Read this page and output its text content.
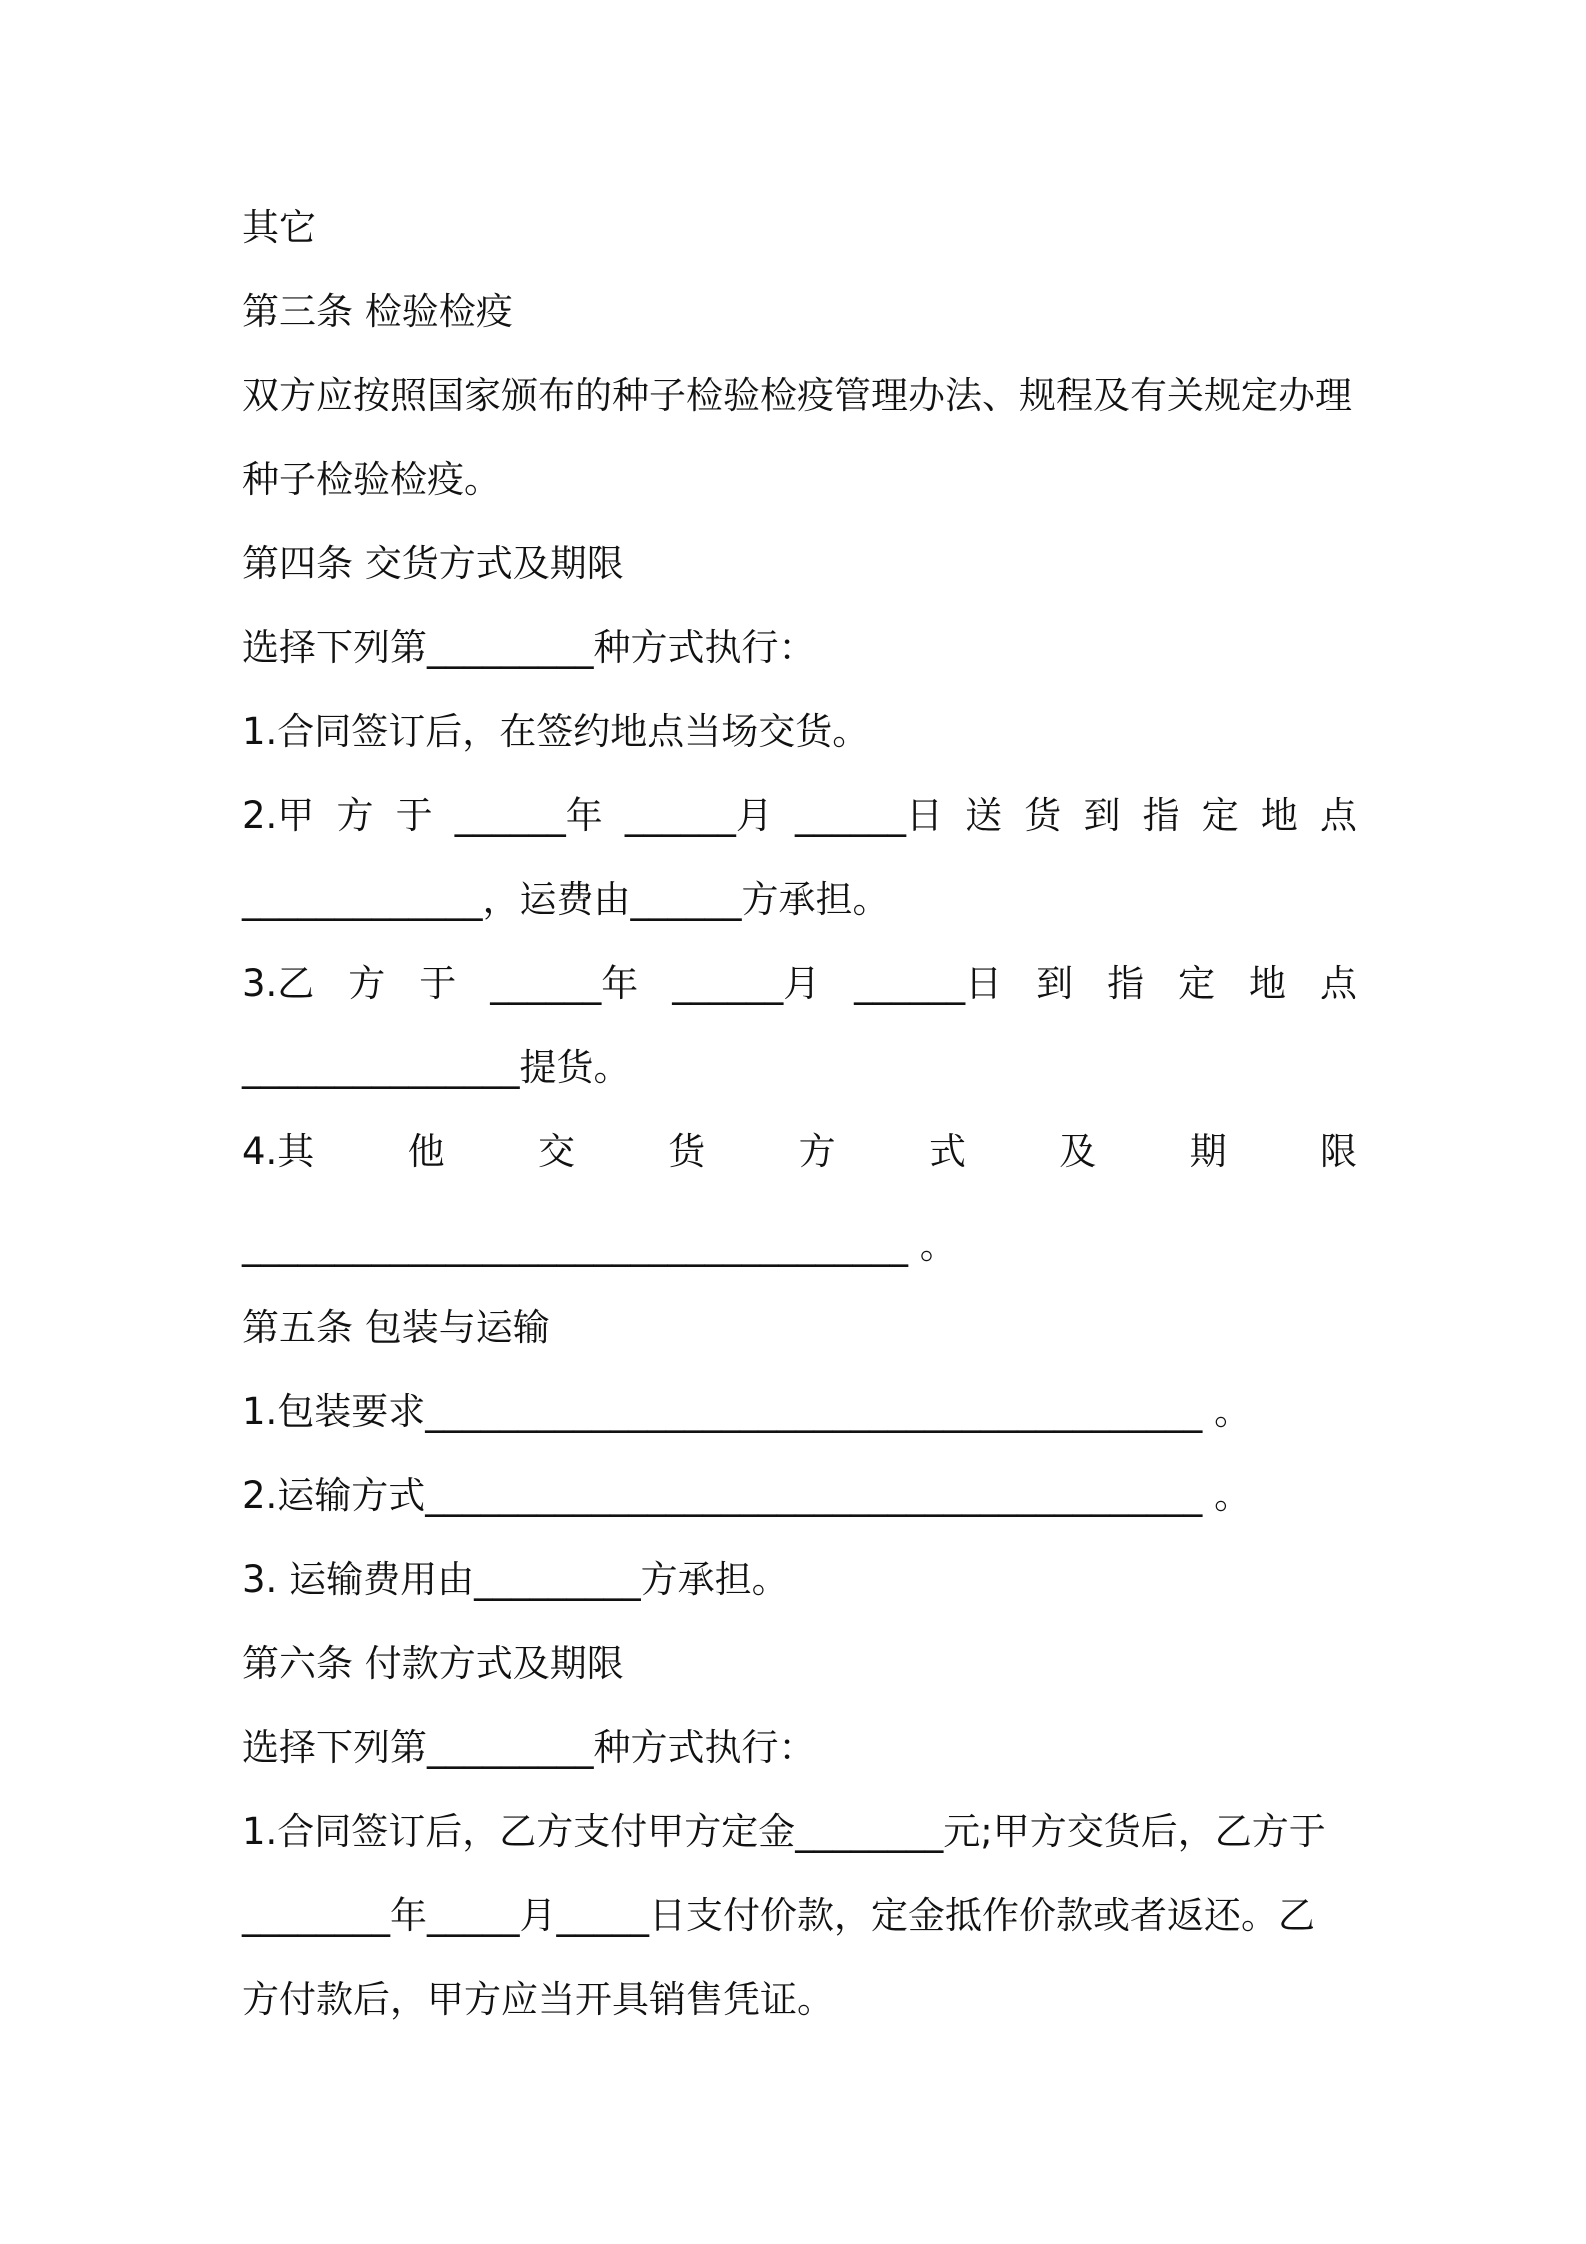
其它

第三条 检验检疫

双方应按照国家颁布的种子检验检疫管理办法、规程及有关规定办理

种子检验检疫。

第四条 交货方式及期限

选择下列第_________种方式执行：

1.合同签订后，在签约地点当场交货。

2.甲 方 于 ______年 ______月 ______日 送 货 到 指 定 地 点

_____________，运费由______方承担。

3.乙 方 于 ______年 ______月 ______日 到 指 定 地 点

_______________提货。

4.其	他	交	货	方	式	及	期	限

____________________________________ 。

第五条 包装与运输

1.包装要求__________________________________________ 。

2.运输方式__________________________________________ 。

3. 运输费用由_________方承担。

第六条 付款方式及期限

选择下列第_________种方式执行：

1.合同签订后，乙方支付甲方定金________元;甲方交货后，乙方于

________年_____月_____日支付价款，定金抵作价款或者返还。乙

方付款后，甲方应当开具销售凭证。
